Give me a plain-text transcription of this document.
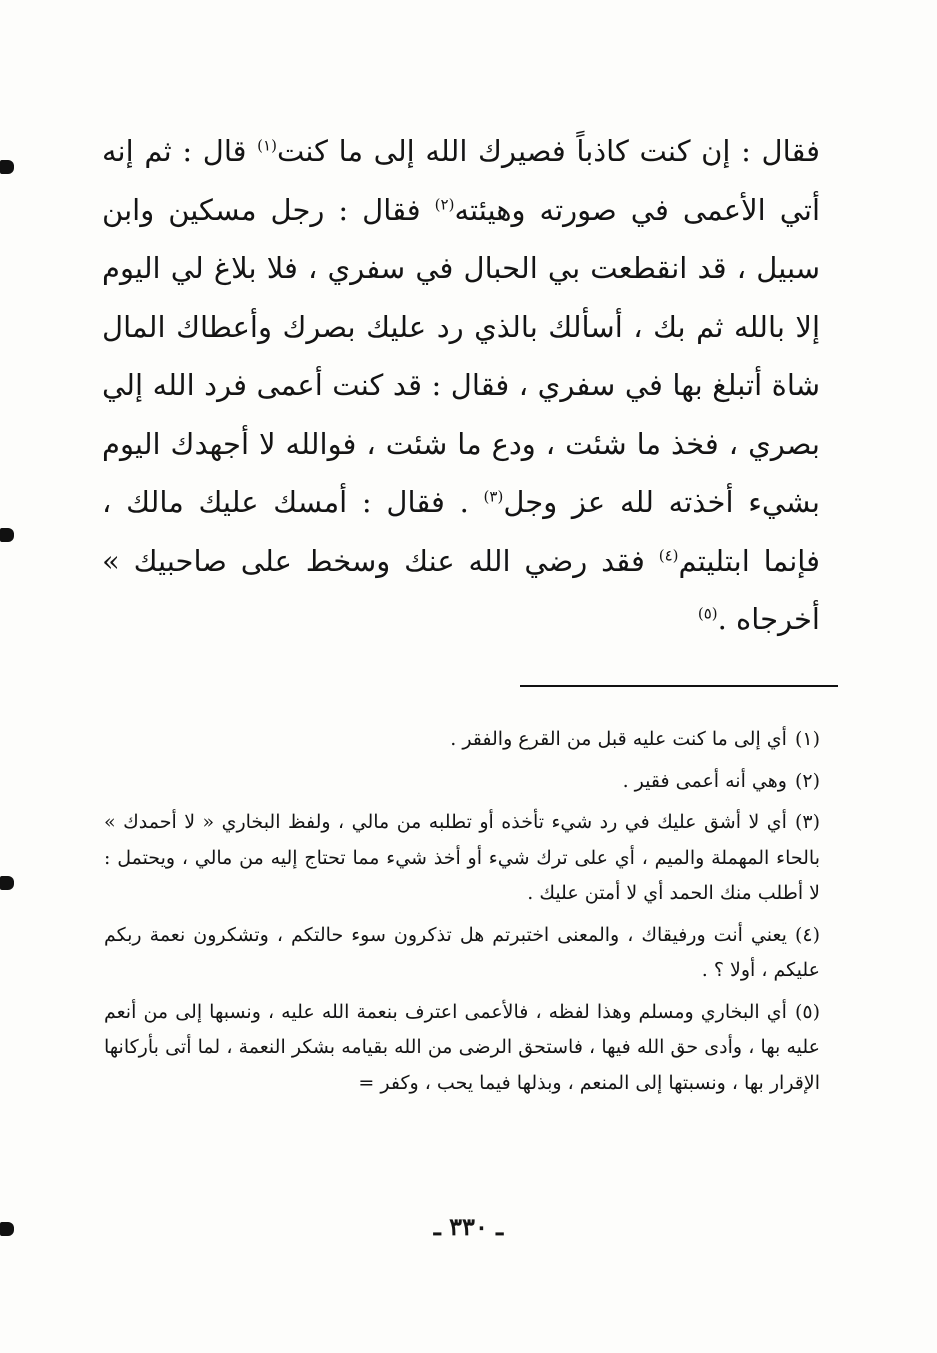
فقال : إن كنت كاذباً فصيرك الله إلى ما كنت$^{(١)}$ قال : ثم إنه أتي الأعمى في صورته وهيئته$^{(٢)}$ فقال : رجل مسكين وابن سبيل ، قد انقطعت بي الحبال في سفري ، فلا بلاغ لي اليوم إلا بالله ثم بك ، أسألك بالذي رد عليك بصرك وأعطاك المال شاة أتبلغ بها في سفري ، فقال : قد كنت أعمى فرد الله إلي بصري ، فخذ ما شئت ، ودع ما شئت ، فوالله لا أجهدك اليوم بشيء أخذته لله عز وجل$^{(٣)}$ . فقال : أمسك عليك مالك ، فإنما ابتليتم$^{(٤)}$ فقد رضي الله عنك وسخط على صاحبيك » أخرجاه .$^{(٥)}$

(١)أي إلى ما كنت عليه قبل من القرع والفقر .

(٢)وهي أنه أعمى فقير .

(٣)أي لا أشق عليك في رد شيء تأخذه أو تطلبه من مالي ، ولفظ البخاري « لا أحمدك » بالحاء المهملة والميم ، أي على ترك شيء أو أخذ شيء مما تحتاج إليه من مالي ، ويحتمل : لا أطلب منك الحمد أي لا أمتن عليك .

(٤)يعني أنت ورفيقاك ، والمعنى اختبرتم هل تذكرون سوء حالتكم ، وتشكرون نعمة ربكم عليكم ، أولا ؟ .

(٥)أي البخاري ومسلم وهذا لفظه ، فالأعمى اعترف بنعمة الله عليه ، ونسبها إلى من أنعم عليه بها ، وأدى حق الله فيها ، فاستحق الرضى من الله بقيامه بشكر النعمة ، لما أتى بأركانها الإقرار بها ، ونسبتها إلى المنعم ، وبذلها فيما يحب ، وكفر =

ـ ٣٣٠ ـ
